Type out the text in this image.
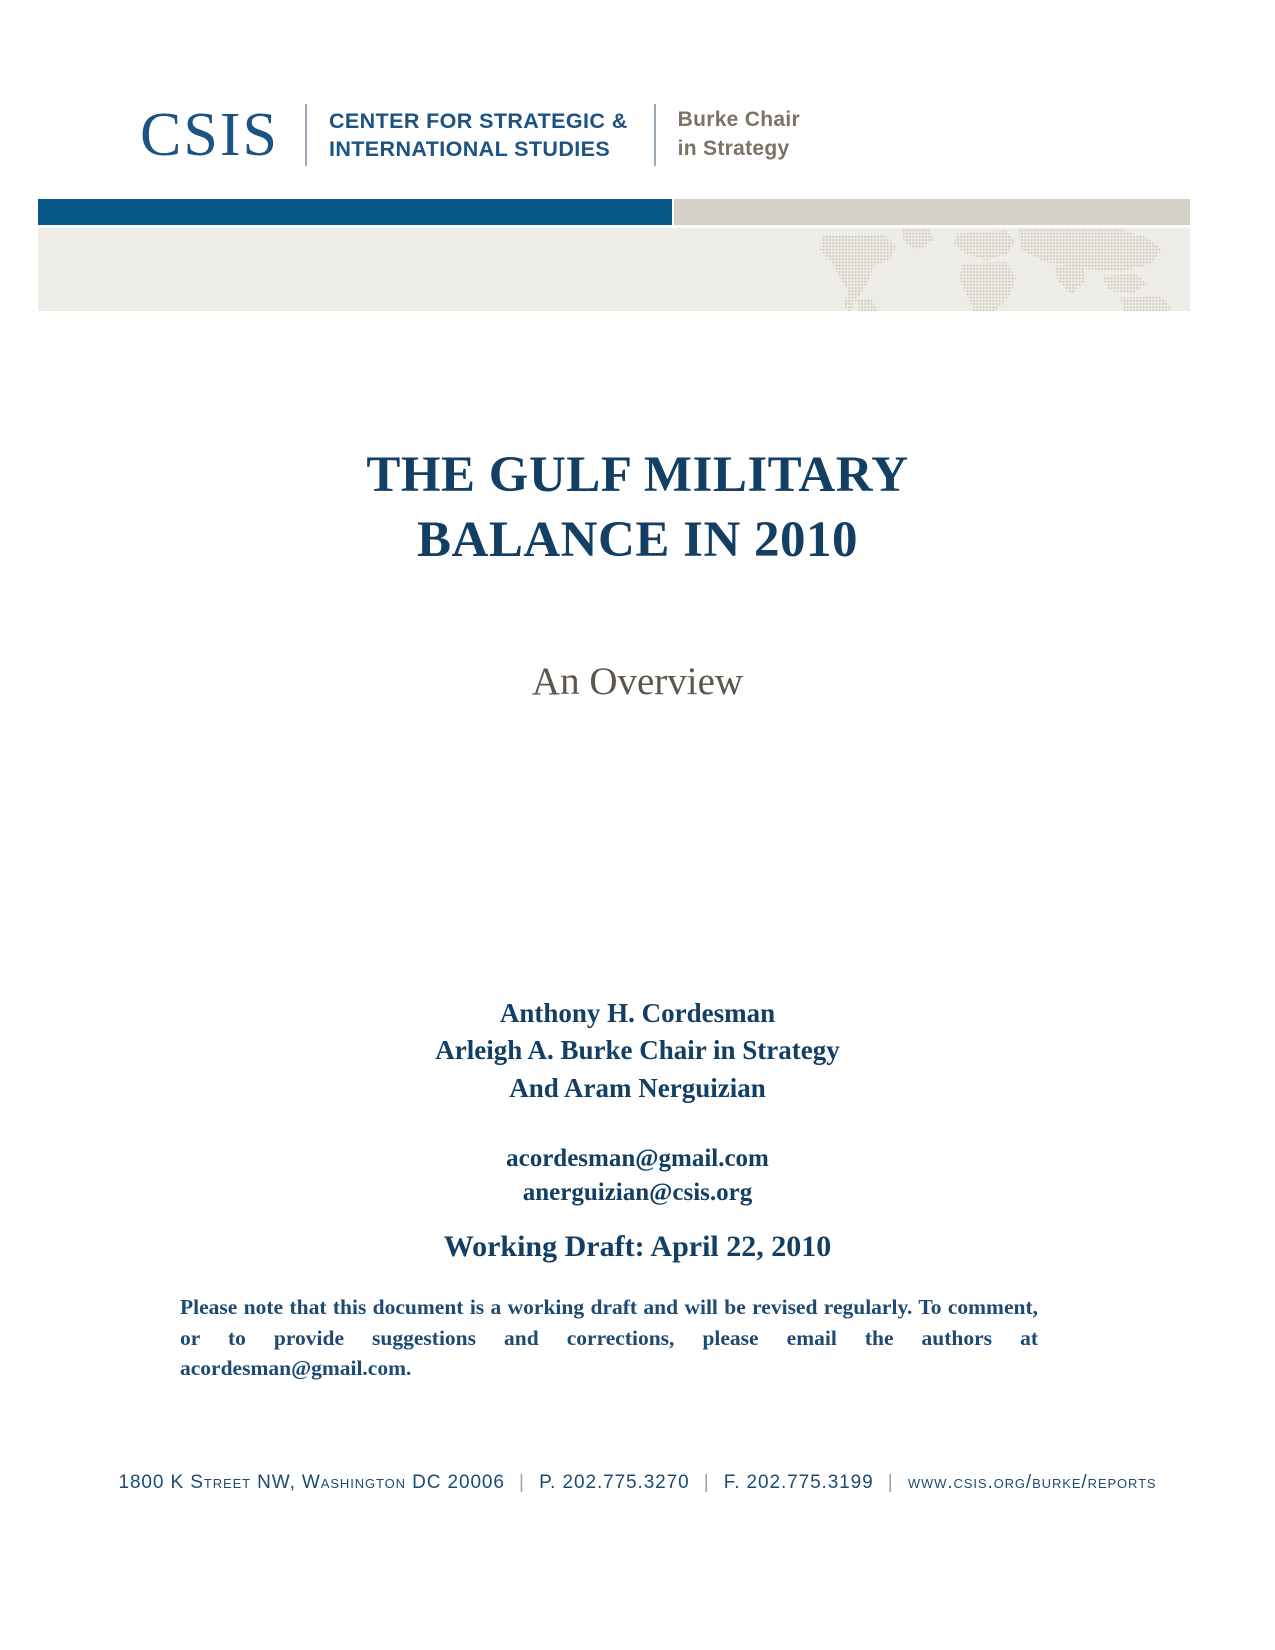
CSIS CENTER FOR STRATEGIC &
INTERNATIONAL STUDIES
Burke Chair
in Strategy
THE GULF MILITARY
BALANCE IN 2010

An Overview

Anthony H. Cordesman
Arleigh A. Burke Chair in Strategy
And Aram Nerguizian
acordesman@gmail.com
anerguizian@csis.org
Working Draft: April 22, 2010
Please note that this document is a working draft and will be revised regularly. To comment, or to provide suggestions and corrections, please email the authors at acordesman@gmail.com.
1800 K Street NW, Washington DC 20006 | P. 202.775.3270 | F. 202.775.3199 | www.csis.org/burke/reports
